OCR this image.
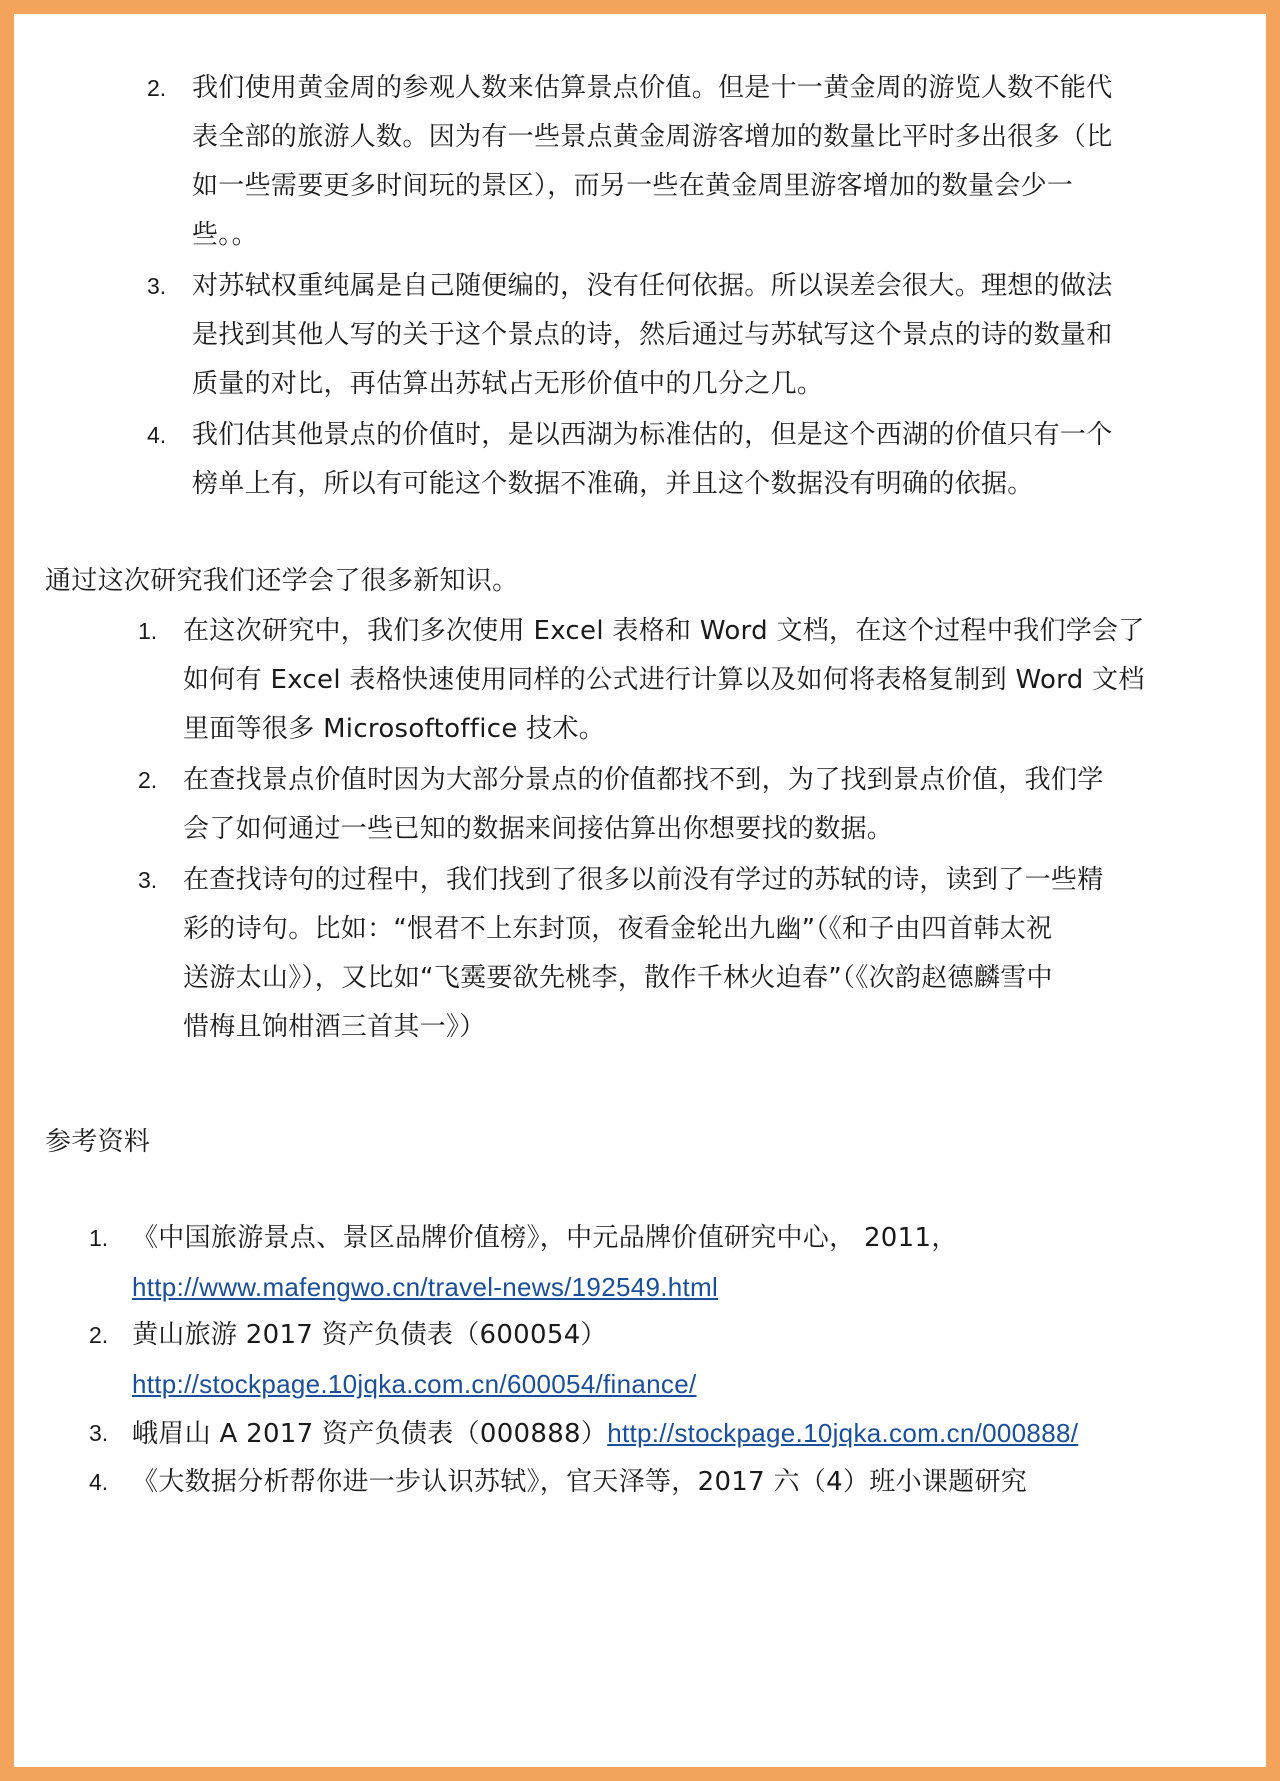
2. 我们使用黄金周的参观人数来估算景点价值。但是十一黄金周的游览人数不能代
表全部的旅游人数。因为有一些景点黄金周游客增加的数量比平时多出很多（比
如一些需要更多时间玩的景区），而另一些在黄金周里游客增加的数量会少一
些。。
3. 对苏轼权重纯属是自己随便编的，没有任何依据。所以误差会很大。理想的做法
是找到其他人写的关于这个景点的诗，然后通过与苏轼写这个景点的诗的数量和
质量的对比，再估算出苏轼占无形价值中的几分之几。
4. 我们估其他景点的价值时，是以西湖为标准估的，但是这个西湖的价值只有一个
榜单上有，所以有可能这个数据不准确，并且这个数据没有明确的依据。
通过这次研究我们还学会了很多新知识。
1. 在这次研究中，我们多次使用 Excel 表格和 Word 文档，在这个过程中我们学会了
如何有 Excel 表格快速使用同样的公式进行计算以及如何将表格复制到 Word 文档
里面等很多 Microsoftoffice 技术。
2. 在查找景点价值时因为大部分景点的价值都找不到，为了找到景点价值，我们学
会了如何通过一些已知的数据来间接估算出你想要找的数据。
3. 在查找诗句的过程中，我们找到了很多以前没有学过的苏轼的诗，读到了一些精
彩的诗句。比如：“恨君不上东封顶，夜看金轮出九幽”（《和子由四首韩太祝
送游太山》），又比如“飞霙要欲先桃李，散作千林火迫春”（《次韵赵德麟雪中
惜梅且饷柑酒三首其一》）
参考资料
1. 《中国旅游景点、景区品牌价值榜》，中元品牌价值研究中心， 2011，
http://www.mafengwo.cn/travel-news/192549.html
2. 黄山旅游 2017 资产负债表（600054）
http://stockpage.10jqka.com.cn/600054/finance/
3. 峨眉山 A 2017 资产负债表（000888）http://stockpage.10jqka.com.cn/000888/
4. 《大数据分析帮你进一步认识苏轼》，官天泽等，2017 六（4）班小课题研究
